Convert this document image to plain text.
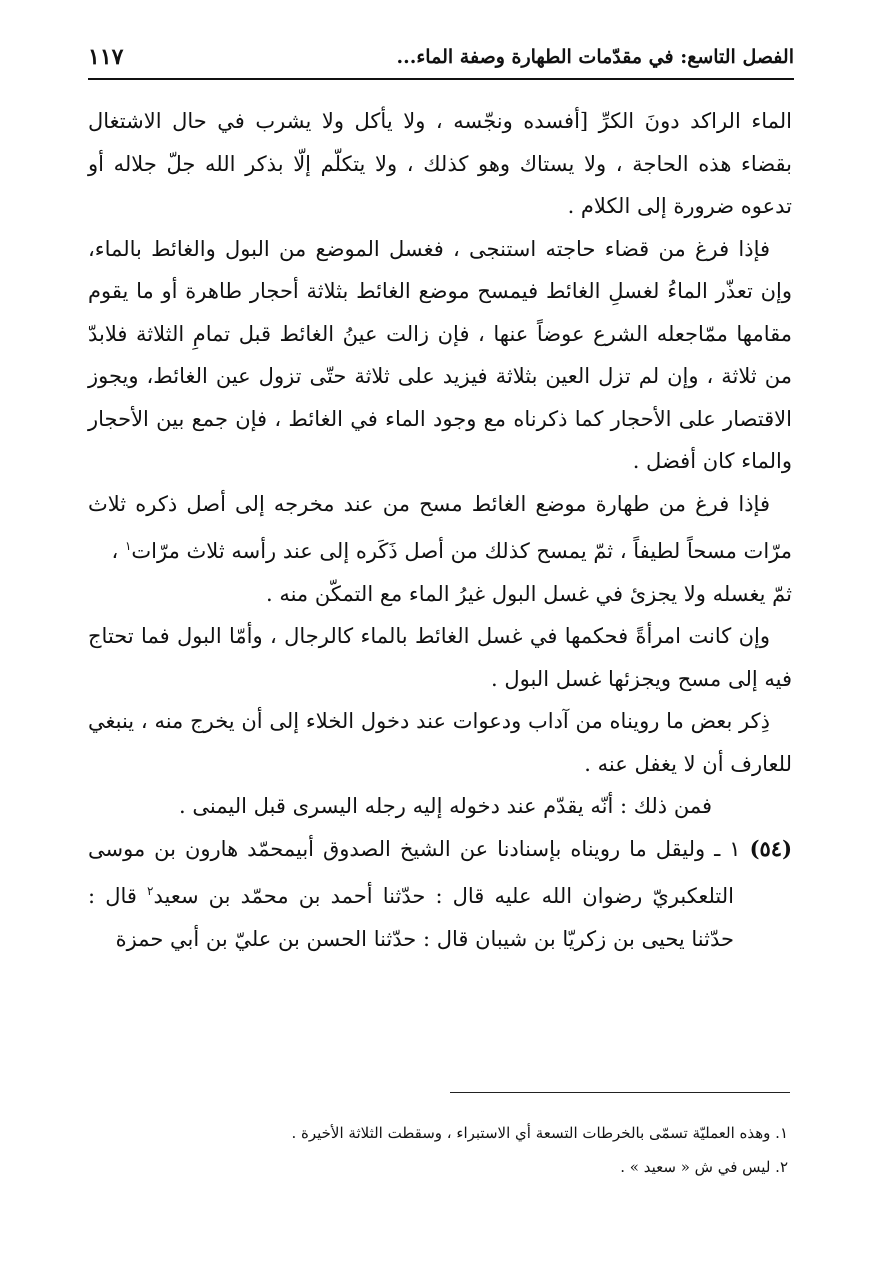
الفصل التاسع: في مقدّمات الطهارة وصفة الماء...
١١٧

الماء الراكد دونَ الكرِّ [أفسده ونجّسه ، ولا يأكل ولا يشرب في حال الاشتغال بقضاء هذه الحاجة ، ولا يستاك وهو كذلك ، ولا يتكلّم إلّا بذكر الله جلّ جلاله أو تدعوه ضرورة إلى الكلام .

فإذا فرغ من قضاء حاجته استنجى ، فغسل الموضع من البول والغائط بالماء، وإن تعذّر الماءُ لغسلِ الغائط فيمسح موضع الغائط بثلاثة أحجار طاهرة أو ما يقوم مقامها ممّاجعله الشرع عوضاً عنها ، فإن زالت عينُ الغائط قبل تمامِ الثلاثة فلابدّ من ثلاثة ، وإن لم تزل العين بثلاثة فيزيد على ثلاثة حتّى تزول عين الغائط، ويجوز الاقتصار على الأحجار كما ذكرناه مع وجود الماء في الغائط ، فإن جمع بين الأحجار والماء كان أفضل .

فإذا فرغ من طهارة موضع الغائط مسح من عند مخرجه إلى أصل ذكره ثلاث مرّات مسحاً لطيفاً ، ثمّ يمسح كذلك من أصل ذَكَره إلى عند رأسه ثلاث مرّات$^١$ ،

ثمّ يغسله ولا يجزئ في غسل البول غيرُ الماء مع التمكّن منه .

وإن كانت امرأةً فحكمها في غسل الغائط بالماء كالرجال ، وأمّا البول فما تحتاج فيه إلى مسح ويجزئها غسل البول .

ذِكر بعض ما رويناه من آداب ودعوات عند دخول الخلاء إلى أن يخرج منه ، ينبغي للعارف أن لا يغفل عنه .

فمن ذلك : أنّه يقدّم عند دخوله إليه رجله اليسرى قبل اليمنى .

(٥٤) ١ ـ وليقل ما رويناه بإسنادنا عن الشيخ الصدوق أبيمحمّد هارون بن موسى التلعكبريّ رضوان الله عليه قال : حدّثنا أحمد بن محمّد بن سعيد$^٢$ قال : حدّثنا يحيى بن زكريّا بن شيبان قال : حدّثنا الحسن بن عليّ بن أبي حمزة

١. وهذه العمليّة تسمّى بالخرطات التسعة أي الاستبراء ، وسقطت الثلاثة الأخيرة .

٢. ليس في ش « سعيد » .
